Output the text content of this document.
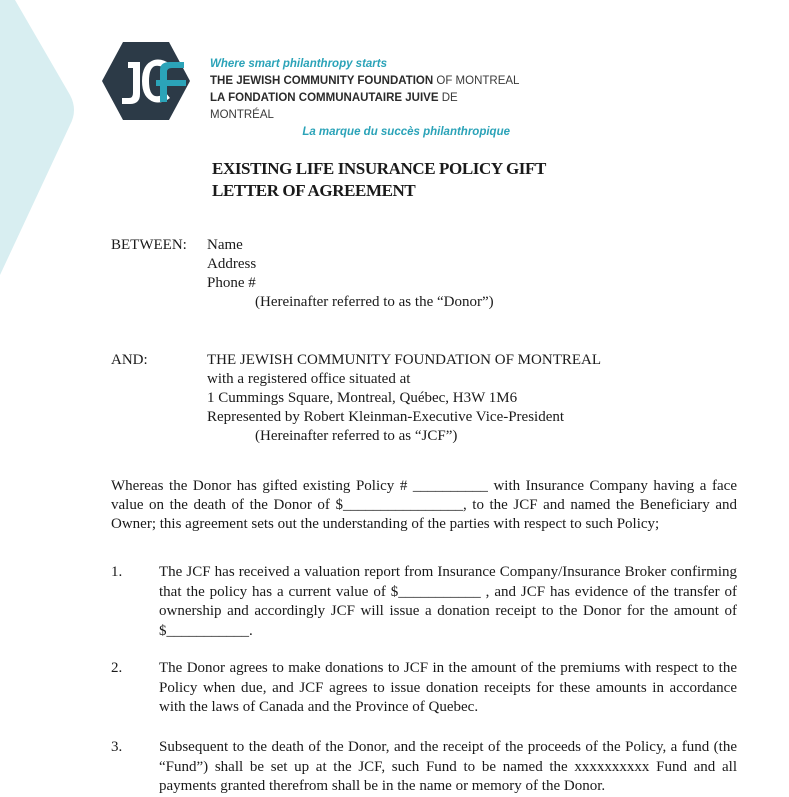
Where smart philanthropy starts
THE JEWISH COMMUNITY FOUNDATION OF MONTREAL
LA FONDATION COMMUNAUTAIRE JUIVE DE MONTRÉAL
La marque du succès philanthropique
EXISTING LIFE INSURANCE POLICY GIFT
LETTER OF AGREEMENT
BETWEEN: Name
Address
Phone #
(Hereinafter referred to as the “Donor”)
AND:	THE JEWISH COMMUNITY FOUNDATION OF MONTREAL
with a registered office situated at
1 Cummings Square, Montreal, Québec, H3W 1M6
Represented by Robert Kleinman-Executive Vice-President
(Hereinafter referred to as “JCF”)
Whereas the Donor has gifted existing Policy # __________ with Insurance Company having a face value on the death of the Donor of $________________, to the JCF and named the Beneficiary and Owner; this agreement sets out the understanding of the parties with respect to such Policy;
1. The JCF has received a valuation report from Insurance Company/Insurance Broker confirming that the policy has a current value of $___________ , and JCF has evidence of the transfer of ownership and accordingly JCF will issue a donation receipt to the Donor for the amount of $___________.
2. The Donor agrees to make donations to JCF in the amount of the premiums with respect to the Policy when due, and JCF agrees to issue donation receipts for these amounts in accordance with the laws of Canada and the Province of Quebec.
3. Subsequent to the death of the Donor, and the receipt of the proceeds of the Policy, a fund (the “Fund”) shall be set up at the JCF, such Fund to be named the xxxxxxxxxx Fund and all payments granted therefrom shall be in the name or memory of the Donor.
